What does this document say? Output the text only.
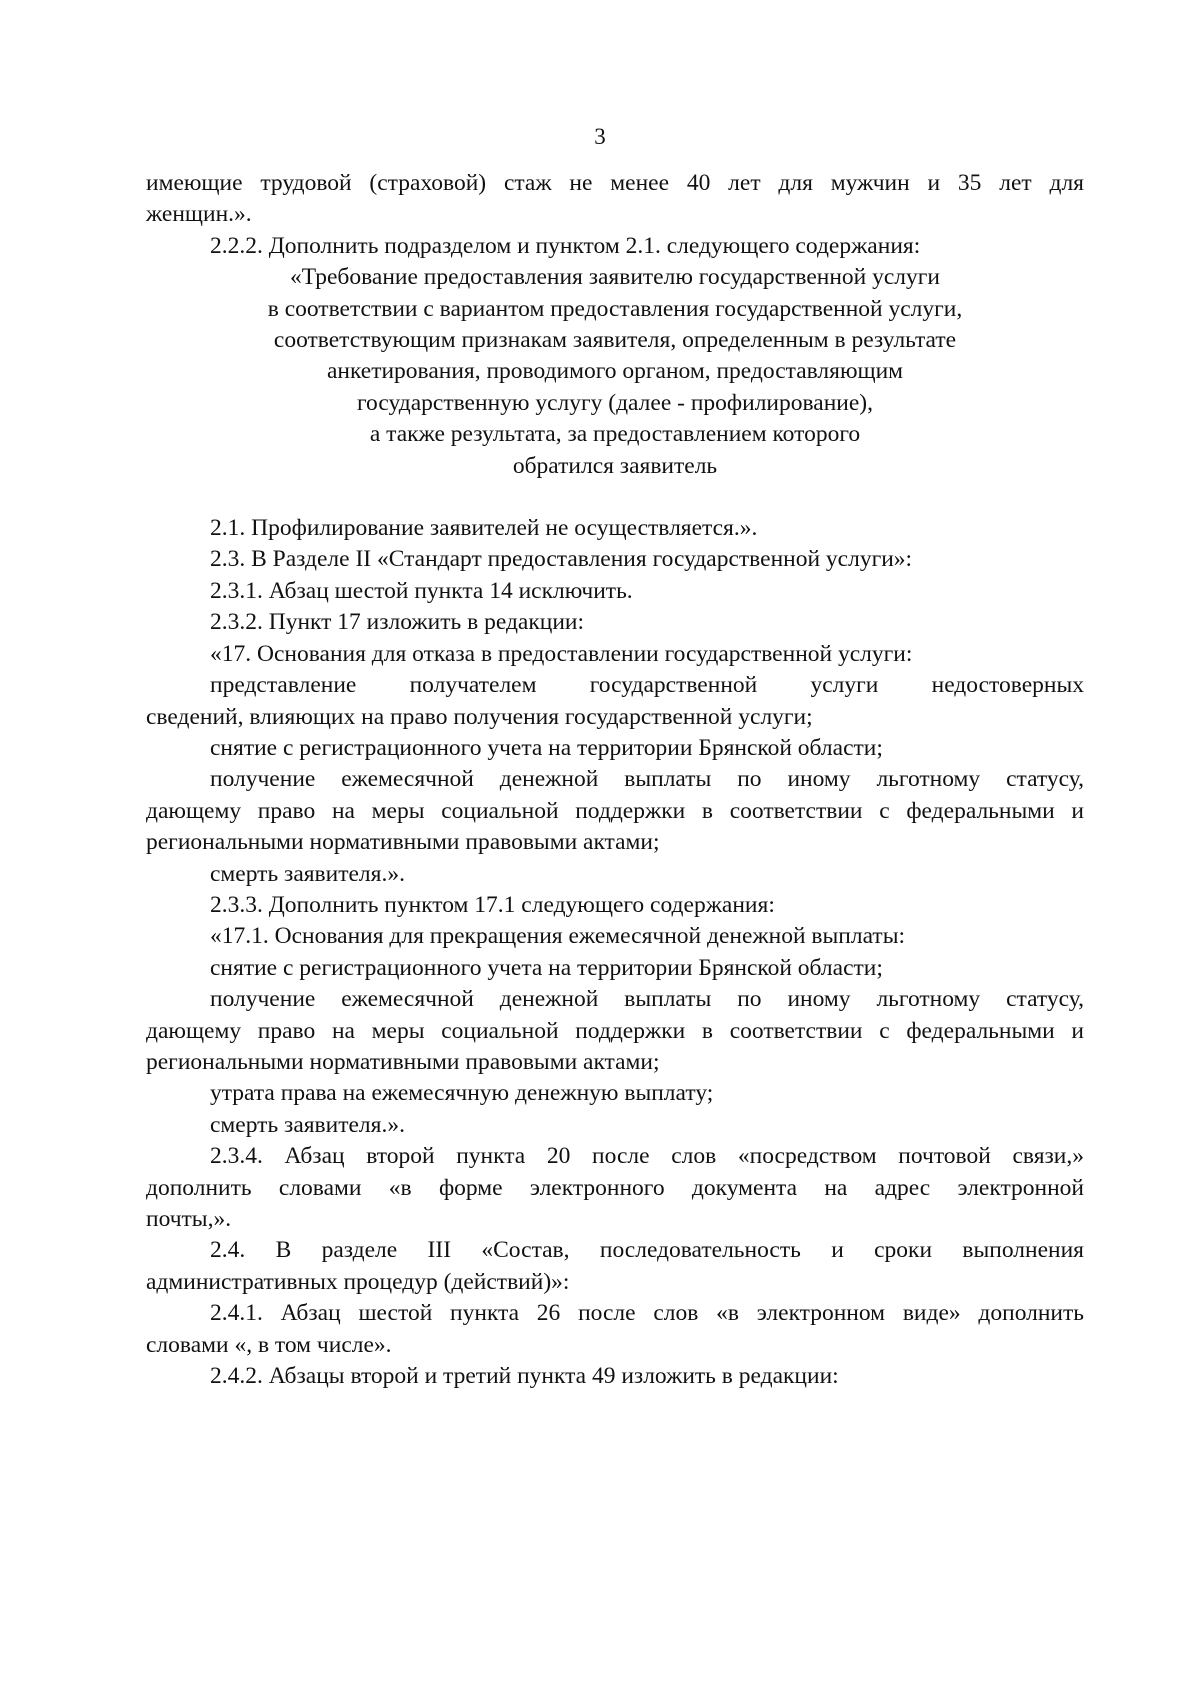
3

имеющие трудовой (страховой) стаж не менее 40 лет для мужчин и 35 лет для

женщин.».

2.2.2. Дополнить подразделом и пунктом 2.1. следующего содержания:

«Требование предоставления заявителю государственной услуги
в соответствии с вариантом предоставления государственной услуги,
соответствующим признакам заявителя, определенным в результате
анкетирования, проводимого органом, предоставляющим
государственную услугу (далее - профилирование),
а также результата, за предоставлением которого
обратился заявитель

2.1. Профилирование заявителей не осуществляется.».

2.3. В Разделе II «Стандарт предоставления государственной услуги»:

2.3.1. Абзац шестой пункта 14 исключить.

2.3.2. Пункт 17 изложить в редакции:

«17. Основания для отказа в предоставлении государственной услуги:

представление получателем государственной услуги недостоверных

сведений, влияющих на право получения государственной услуги;

снятие с регистрационного учета на территории Брянской области;

получение ежемесячной денежной выплаты по иному льготному статусу,

дающему право на меры социальной поддержки в соответствии с федеральными и

региональными нормативными правовыми актами;

смерть заявителя.».

2.3.3. Дополнить пунктом 17.1 следующего содержания:

«17.1. Основания для прекращения ежемесячной денежной выплаты:

снятие с регистрационного учета на территории Брянской области;

получение ежемесячной денежной выплаты по иному льготному статусу,

дающему право на меры социальной поддержки в соответствии с федеральными и

региональными нормативными правовыми актами;

утрата права на ежемесячную денежную выплату;

смерть заявителя.».

2.3.4. Абзац второй пункта 20 после слов «посредством почтовой связи,»

дополнить словами «в форме электронного документа на адрес электронной

почты,».

2.4. В разделе III «Состав, последовательность и сроки выполнения

административных процедур (действий)»:

2.4.1. Абзац шестой пункта 26 после слов «в электронном виде» дополнить

словами «, в том числе».

2.4.2. Абзацы второй и третий пункта 49 изложить в редакции:
